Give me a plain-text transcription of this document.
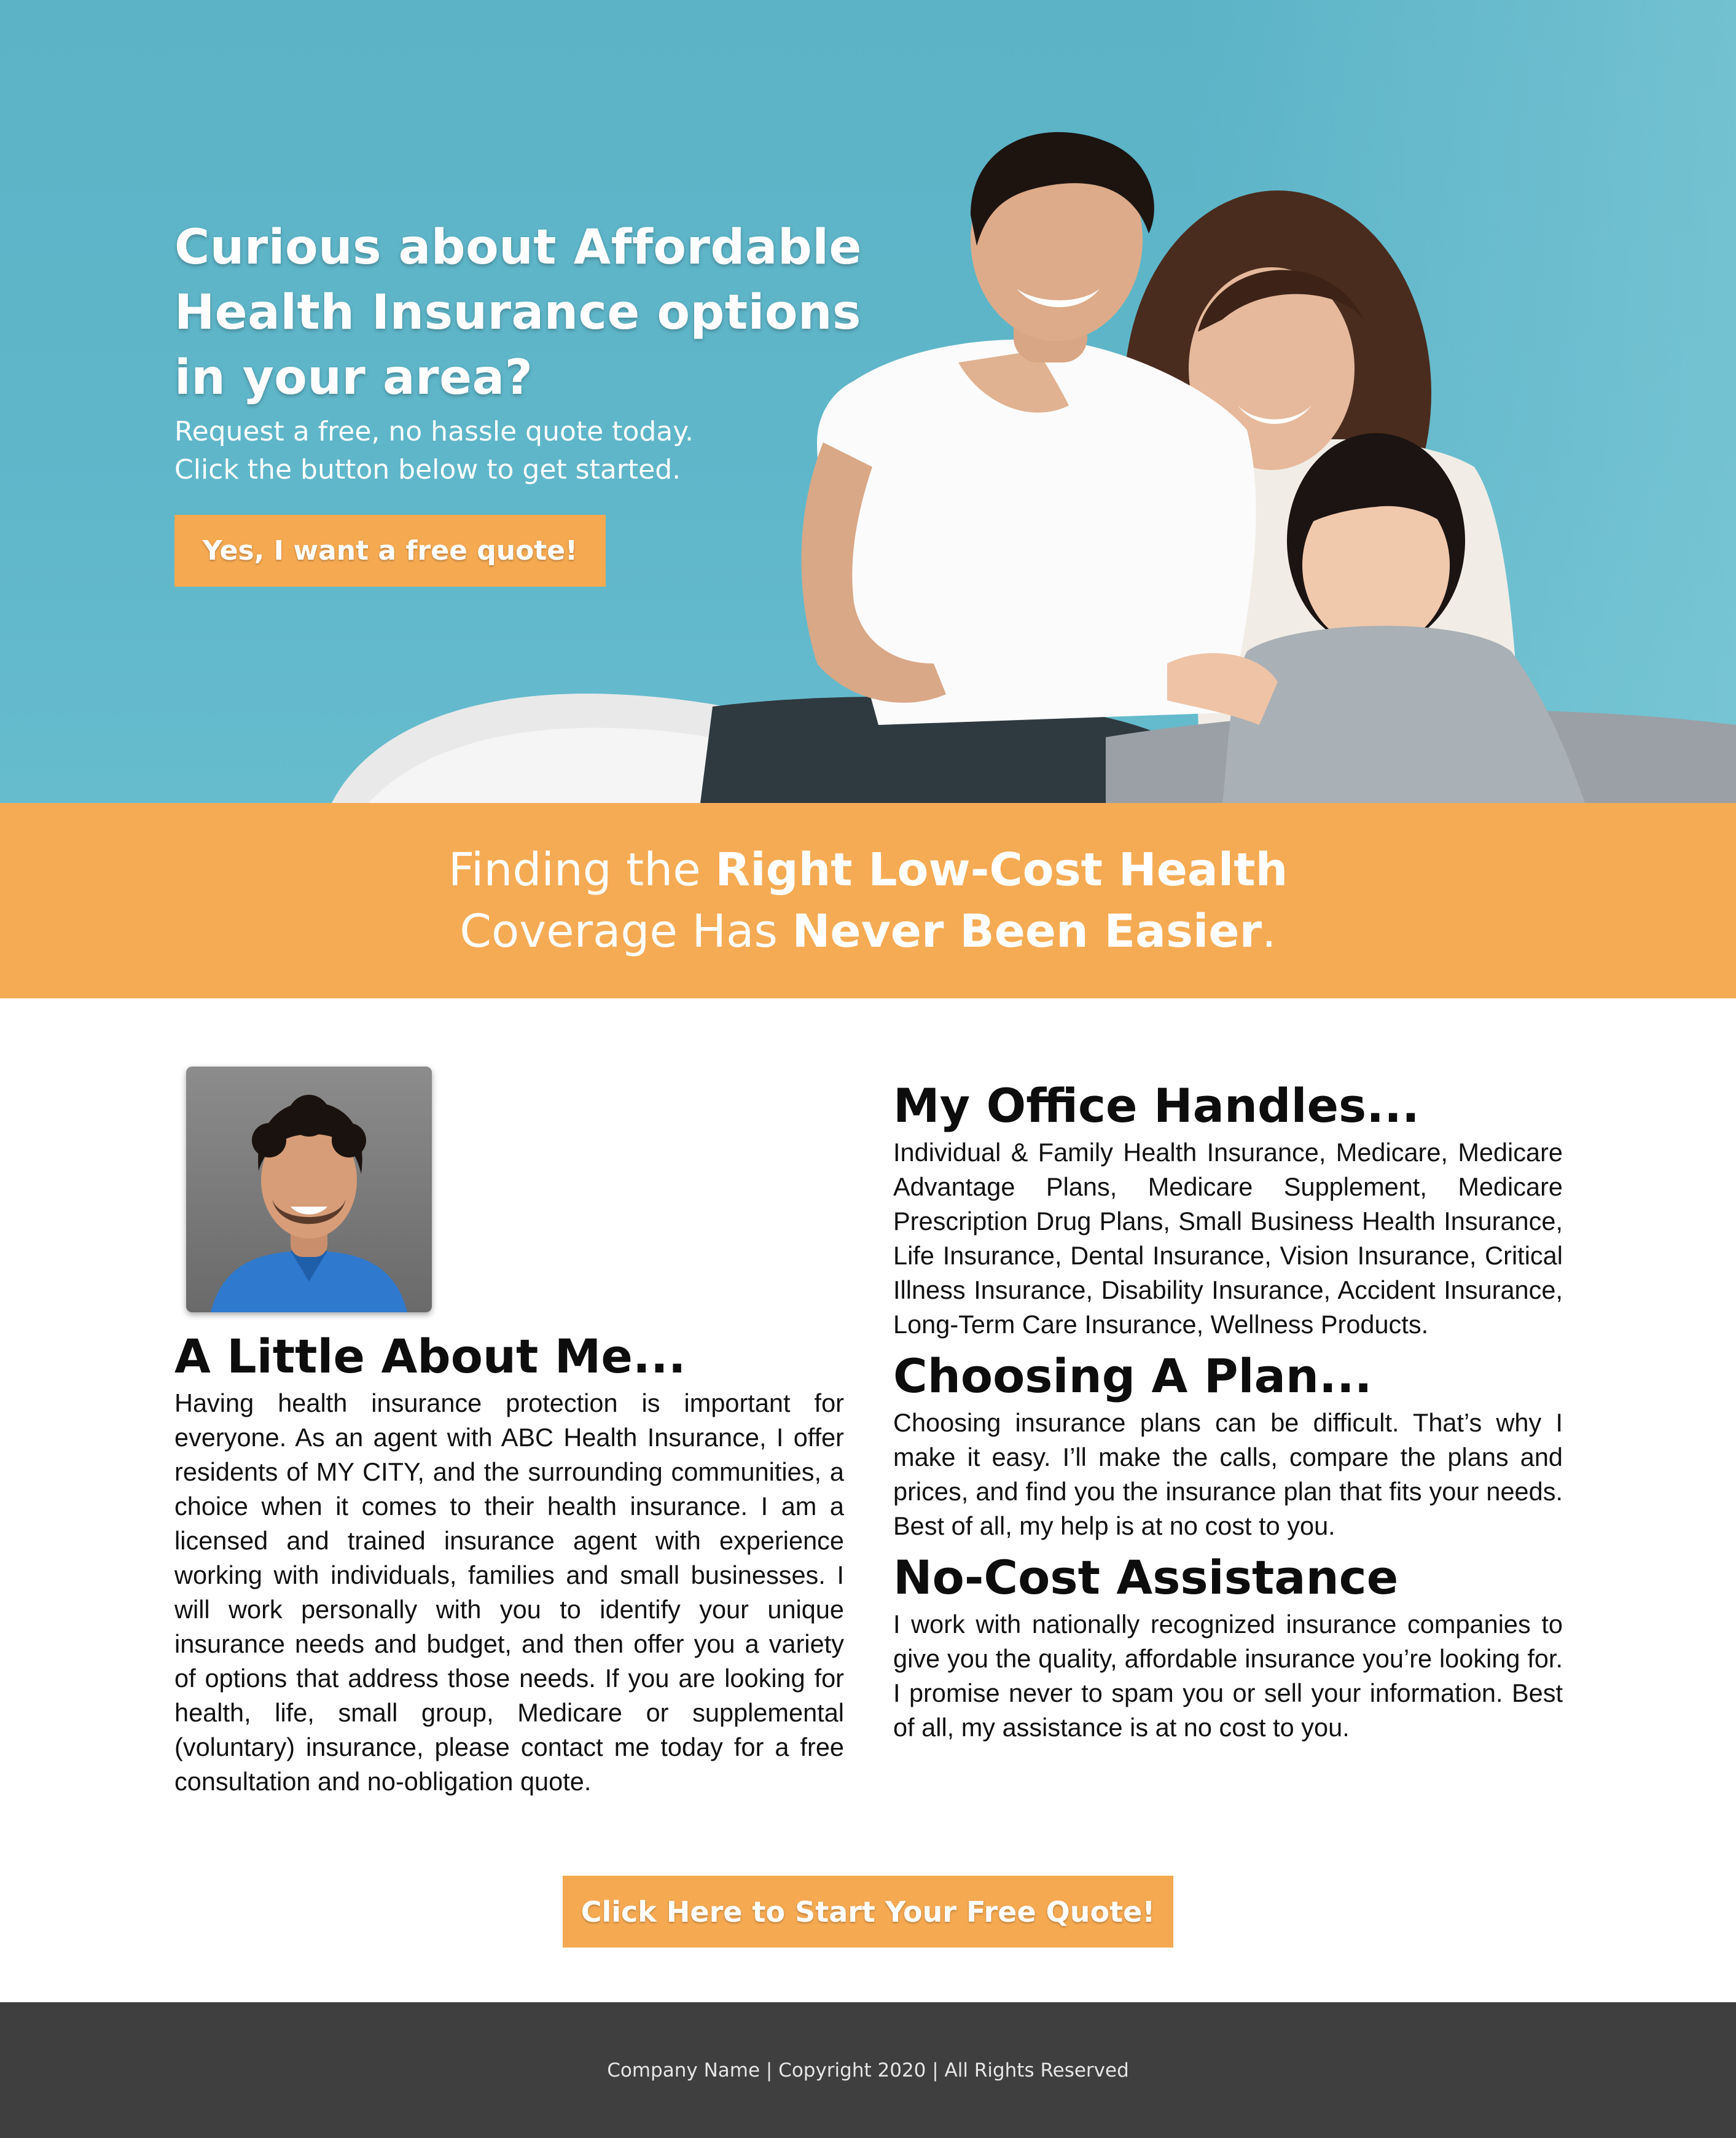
Curious about Affordable
Health Insurance options
in your area?
Request a free, no hassle quote today.
Click the button below to get started.
Yes, I want a free quote!
Finding the Right Low-Cost Health
Coverage Has Never Been Easier.
A Little About Me...

Having health insurance protection is important for everyone. As an agent with ABC Health Insurance, I offer residents of MY CITY, and the surrounding communities, a choice when it comes to their health insurance. I am a licensed and trained insurance agent with experience working with individuals, families and small businesses. I will work personally with you to identify your unique insurance needs and budget, and then offer you a variety of options that address those needs. If you are looking for health, life, small group, Medicare or supplemental (voluntary) insurance, please contact me today for a free consultation and no-obligation quote.

My Office Handles...

Individual & Family Health Insurance, Medicare, Medicare Advantage Plans, Medicare Supplement, Medicare Prescription Drug Plans, Small Business Health Insurance, Life Insurance, Dental Insurance, Vision Insurance, Critical Illness Insurance, Disability Insurance, Accident Insurance, Long-Term Care Insurance, Wellness Products.

Choosing A Plan...

Choosing insurance plans can be difficult. That’s why I make it easy. I’ll make the calls, compare the plans and prices, and find you the insurance plan that fits your needs. Best of all, my help is at no cost to you.

No-Cost Assistance

I work with nationally recognized insurance companies to give you the quality, affordable insurance you’re looking for. I promise never to spam you or sell your information. Best of all, my assistance is at no cost to you.

Click Here to Start Your Free Quote!
Company Name | Copyright 2020 | All Rights Reserved
